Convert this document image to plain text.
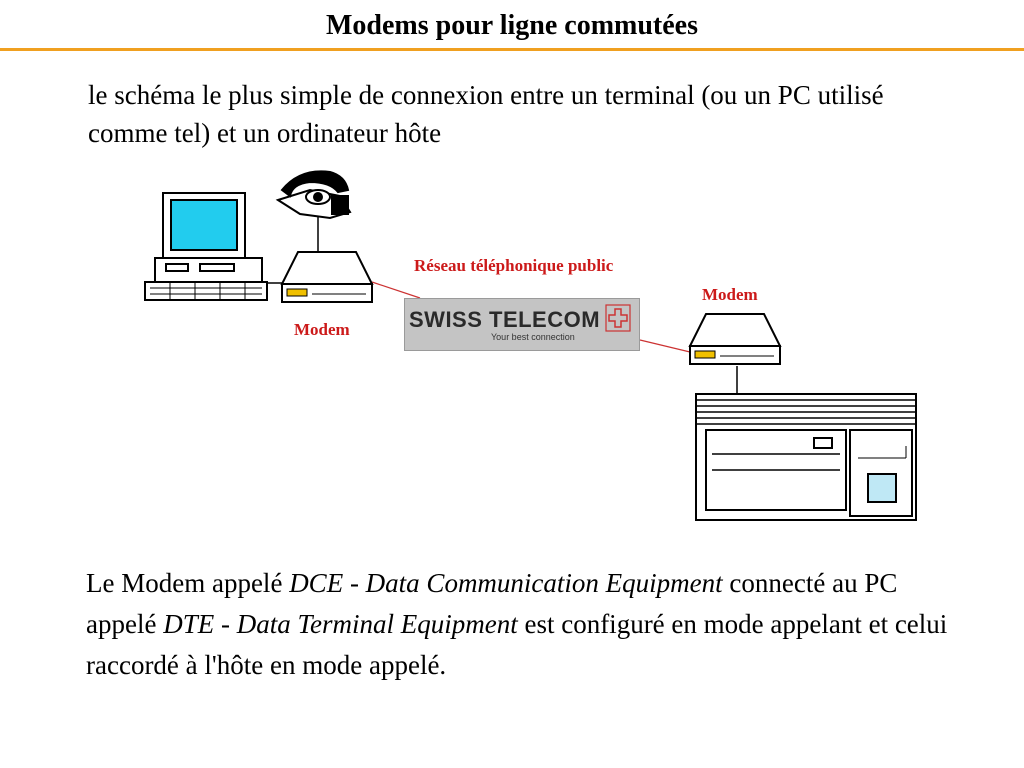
Modems pour ligne commutées
le schéma le plus simple de connexion entre un terminal (ou un PC utilisé comme tel) et un ordinateur hôte
Réseau téléphonique public
Modem
Modem
SWISS TELECOM
Your best connection
Le Modem appelé DCE - Data Communication Equipment connecté au PC appelé DTE - Data Terminal Equipment est configuré en mode appelant et celui raccordé à l'hôte en mode appelé.
